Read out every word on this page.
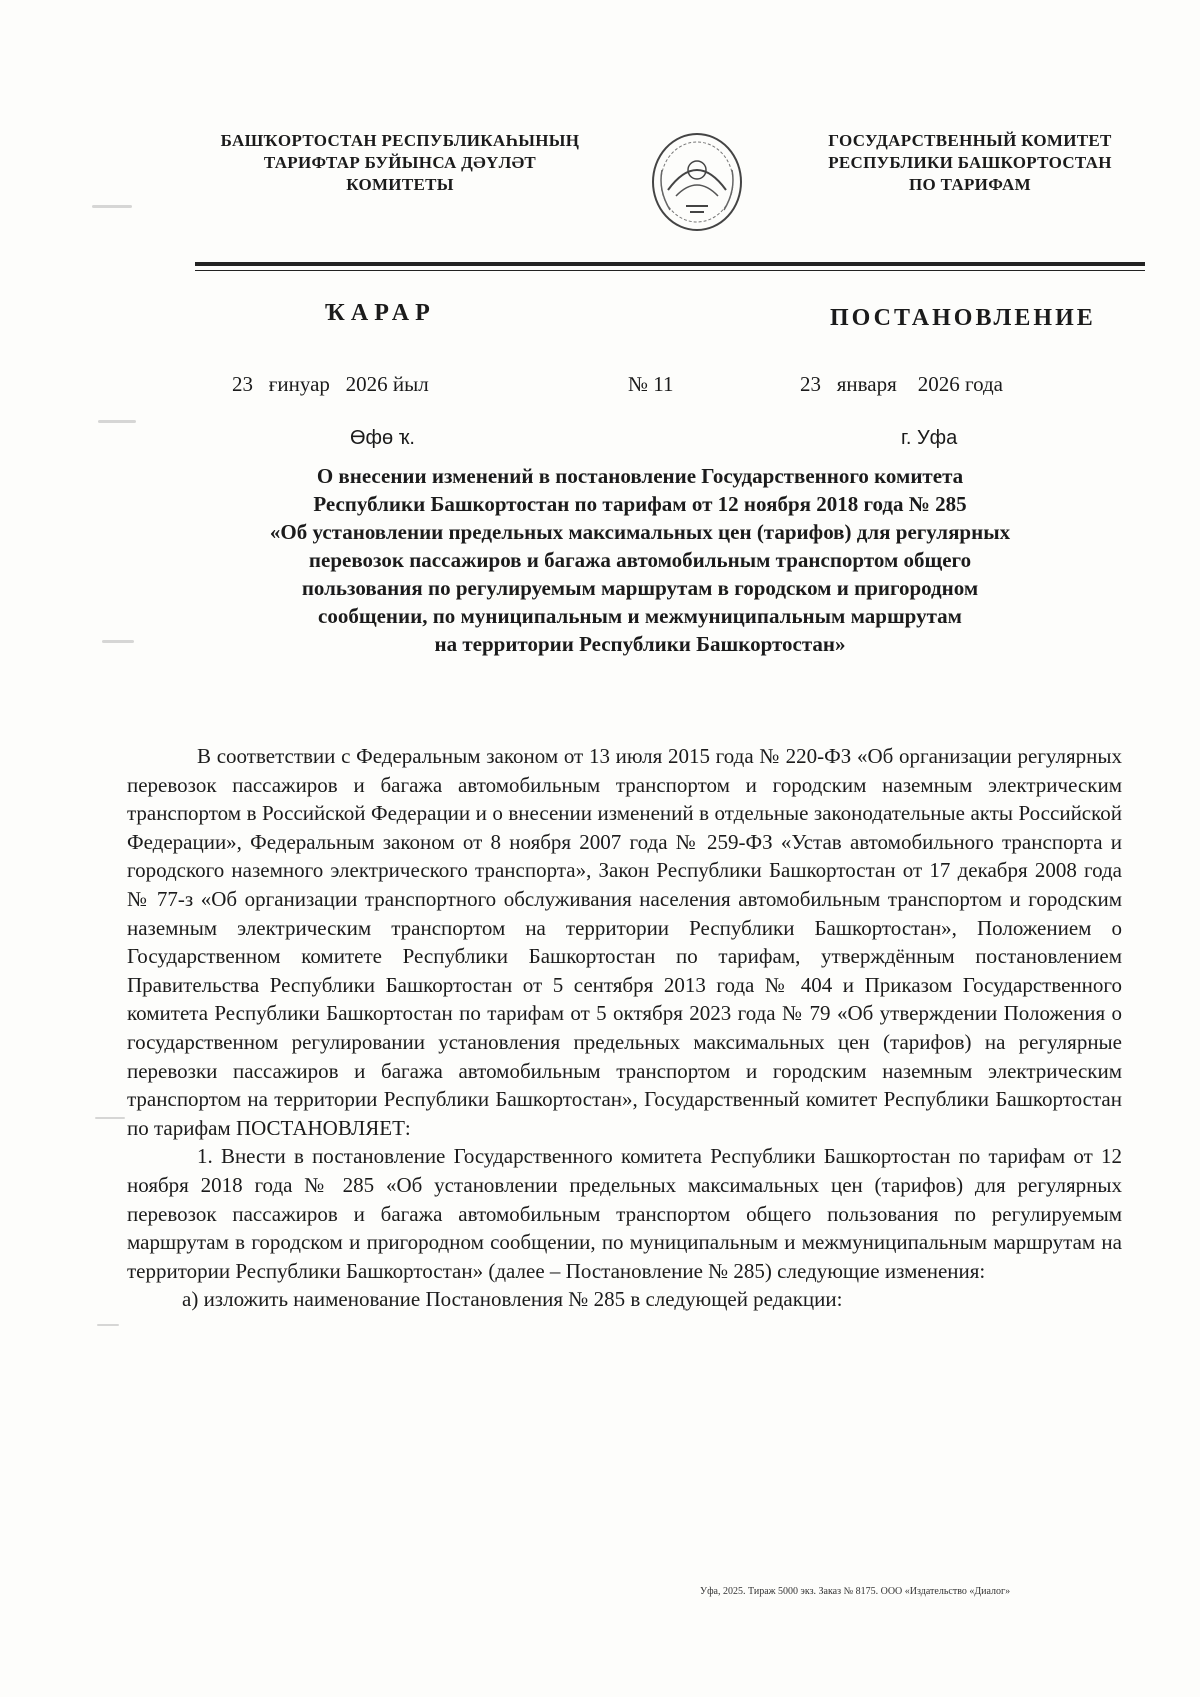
БАШҠОРТОСТАН РЕСПУБЛИКАҺЫНЫҢ
ТАРИФТАР БУЙЫНСА ДӘҮЛӘТ
КОМИТЕТЫ
ГОСУДАРСТВЕННЫЙ КОМИТЕТ
РЕСПУБЛИКИ БАШКОРТОСТАН
ПО ТАРИФАМ
ҠАРАР	ПОСТАНОВЛЕНИЕ
23   ғинуар   2026 йыл	№ 11	23   января    2026 года
Өфө ҡ.	г. Уфа
О внесении изменений в постановление Государственного комитета
Республики Башкортостан по тарифам от 12 ноября 2018 года № 285
«Об установлении предельных максимальных цен (тарифов) для регулярных
перевозок пассажиров и багажа автомобильным транспортом общего
пользования по регулируемым маршрутам в городском и пригородном
сообщении, по муниципальным и межмуниципальным маршрутам
на территории Республики Башкортостан»

В соответствии с Федеральным законом от 13 июля 2015 года № 220-ФЗ «Об организации регулярных перевозок пассажиров и багажа автомобильным транспортом и городским наземным электрическим транспортом в Российской Федерации и о внесении изменений в отдельные законодательные акты Российской Федерации», Федеральным законом от 8 ноября 2007 года № 259-ФЗ «Устав автомобильного транспорта и городского наземного электрического транспорта», Закон Республики Башкортостан от 17 декабря 2008 года № 77-з «Об организации транспортного обслуживания населения автомобильным транспортом и городским наземным электрическим транспортом на территории Республики Башкортостан», Положением о Государственном комитете Республики Башкортостан по тарифам, утверждённым постановлением Правительства Республики Башкортостан от 5 сентября 2013 года № 404 и Приказом Государственного комитета Республики Башкортостан по тарифам от 5 октября 2023 года № 79 «Об утверждении Положения о государственном регулировании установления предельных максимальных цен (тарифов) на регулярные перевозки пассажиров и багажа автомобильным транспортом и городским наземным электрическим транспортом на территории Республики Башкортостан», Государственный комитет Республики Башкортостан по тарифам ПОСТАНОВЛЯЕТ:

1. Внести в постановление Государственного комитета Республики Башкортостан по тарифам от 12 ноября 2018 года № 285 «Об установлении предельных максимальных цен (тарифов) для регулярных перевозок пассажиров и багажа автомобильным транспортом общего пользования по регулируемым маршрутам в городском и пригородном сообщении, по муниципальным и межмуниципальным маршрутам на территории Республики Башкортостан» (далее – Постановление № 285) следующие изменения:

а) изложить наименование Постановления № 285 в следующей редакции:

Уфа, 2025. Тираж 5000 экз. Заказ № 8175. ООО «Издательство «Диалог»
